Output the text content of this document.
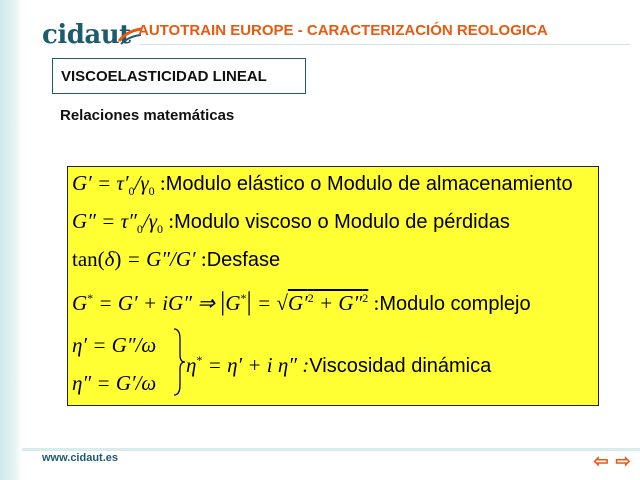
cidaut AUTOTRAIN EUROPE - CARACTERIZACIÓN REOLOGICA
VISCOELASTICIDAD LINEAL
Relaciones matemáticas
$G' = \tau'_0/\gamma_0$ :Modulo elástico o Modulo de almacenamiento
$G'' = \tau''_0/\gamma_0$ :Modulo viscoso o Modulo de pérdidas
tan(δ) = G″/G′ :Desfase
G* = G′ + iG″ ⇒ $|G^*| = √G'^2 + G''^2$ :Modulo complejo
η′ = G″/ω
η″ = G′/ω
η* = η′ + i η″ :Viscosidad dinámica
www.cidaut.es	⇦ ⇨
